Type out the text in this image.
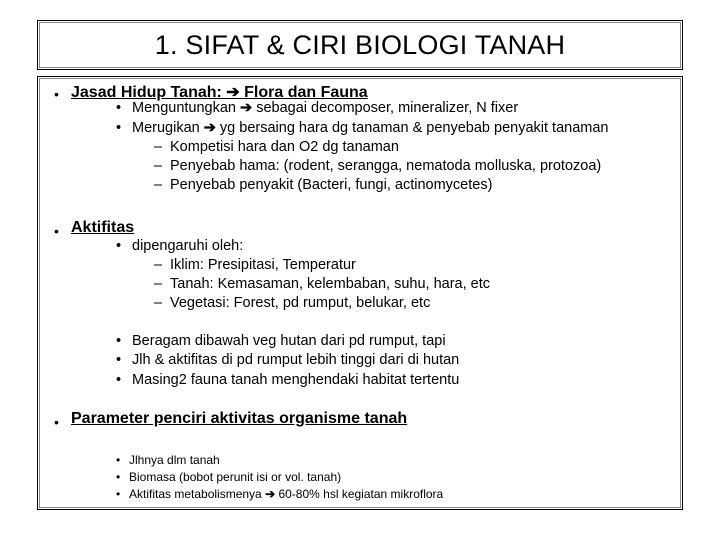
1. SIFAT & CIRI BIOLOGI TANAH
• Jasad Hidup Tanah: ➔ Flora dan Fauna
• Menguntungkan ➔ sebagai decomposer, mineralizer, N fixer
• Merugikan ➔ yg bersaing hara dg tanaman & penyebab penyakit tanaman
– Kompetisi hara dan O2 dg tanaman
– Penyebab hama: (rodent, serangga, nematoda molluska, protozoa)
– Penyebab penyakit (Bacteri, fungi, actinomycetes)
• Aktifitas
• dipengaruhi oleh:
– Iklim: Presipitasi, Temperatur
– Tanah: Kemasaman, kelembaban, suhu, hara, etc
– Vegetasi: Forest, pd rumput, belukar, etc
• Beragam dibawah veg hutan dari pd rumput, tapi
• Jlh & aktifitas di pd rumput lebih tinggi dari di hutan
• Masing2 fauna tanah menghendaki habitat tertentu
• Parameter penciri aktivitas organisme tanah
• Jlhnya dlm tanah
• Biomasa (bobot perunit isi or vol. tanah)
• Aktifitas metabolismenya ➔ 60-80% hsl kegiatan mikroflora
